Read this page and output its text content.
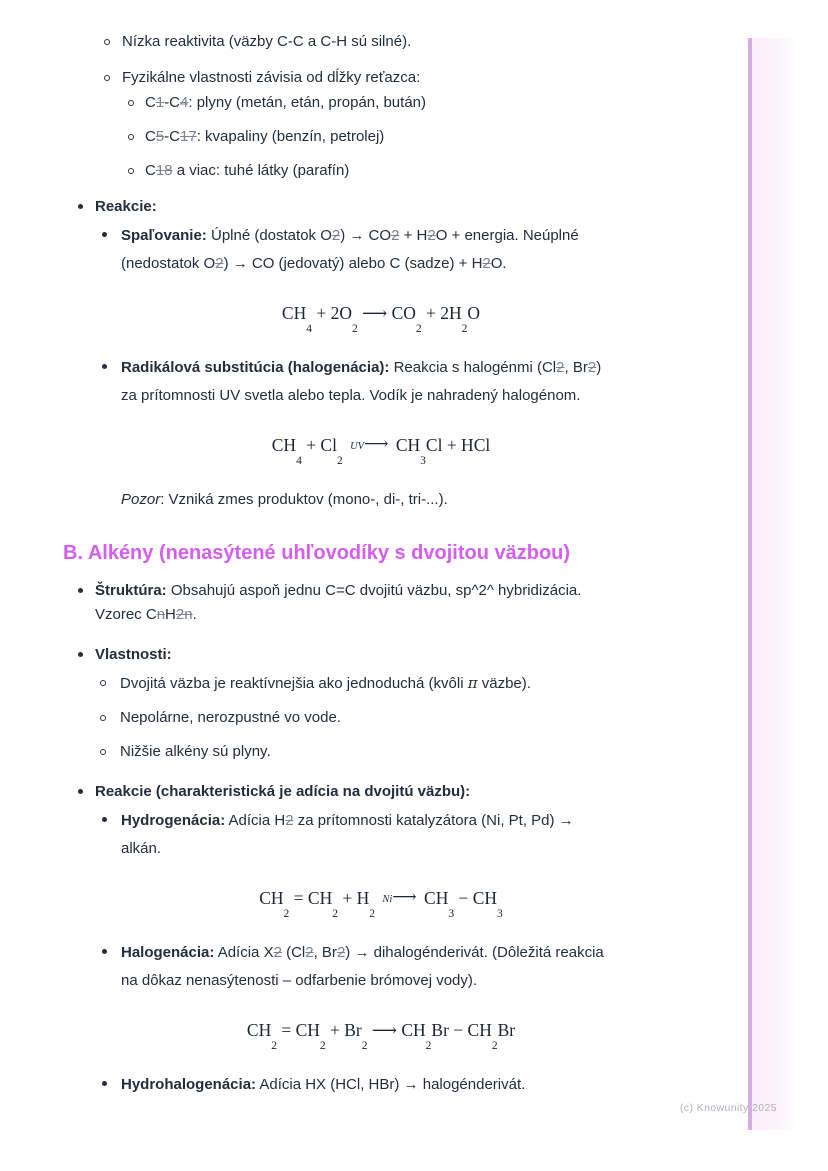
Nízka reaktivita (väzby C-C a C-H sú silné).
Fyzikálne vlastnosti závisia od dĺžky reťazca:
C1-C4: plyny (metán, etán, propán, bután)
C5-C17: kvapaliny (benzín, petrolej)
C18 a viac: tuhé látky (parafín)
Reakcie:
Spaľovanie: Úplné (dostatok O2) → CO2 + H2O + energia. Neúplné
(nedostatok O2) → CO (jedovatý) alebo C (sadze) + H2O.
CH
4
+ 2O
2
⟶ CO
2
+ 2H
2
O
Radikálová substitúcia (halogenácia): Reakcia s halogénmi (Cl2, Br2)
za prítomnosti UV svetla alebo tepla. Vodík je nahradený halogénom.
CH
4
+ Cl
2

UV⟶ CH
3
Cl + HCl
Pozor: Vzniká zmes produktov (mono-, di-, tri-...).
B. Alkény (nenasýtené uhľovodíky s dvojitou väzbou)
Štruktúra: Obsahujú aspoň jednu C=C dvojitú väzbu, sp^2^ hybridizácia.
Vzorec CnH2n.
Vlastnosti:
Dvojitá väzba je reaktívnejšia ako jednoduchá (kvôli π väzbe).
Nepolárne, nerozpustné vo vode.
Nižšie alkény sú plyny.
Reakcie (charakteristická je adícia na dvojitú väzbu):
Hydrogenácia: Adícia H2 za prítomnosti katalyzátora (Ni, Pt, Pd) →
alkán.
CH
2
= CH
2
+ H
2

Ni⟶ CH
3
− CH
3
Halogenácia: Adícia X2 (Cl2, Br2) → dihalogénderivát. (Dôležitá reakcia
na dôkaz nenasýtenosti – odfarbenie brómovej vody).
CH
2
= CH
2
+ Br
2
⟶ CH
2
Br − CH
2
Br
Hydrohalogenácia: Adícia HX (HCl, HBr) → halogénderivát.
(c) Knowunity 2025
